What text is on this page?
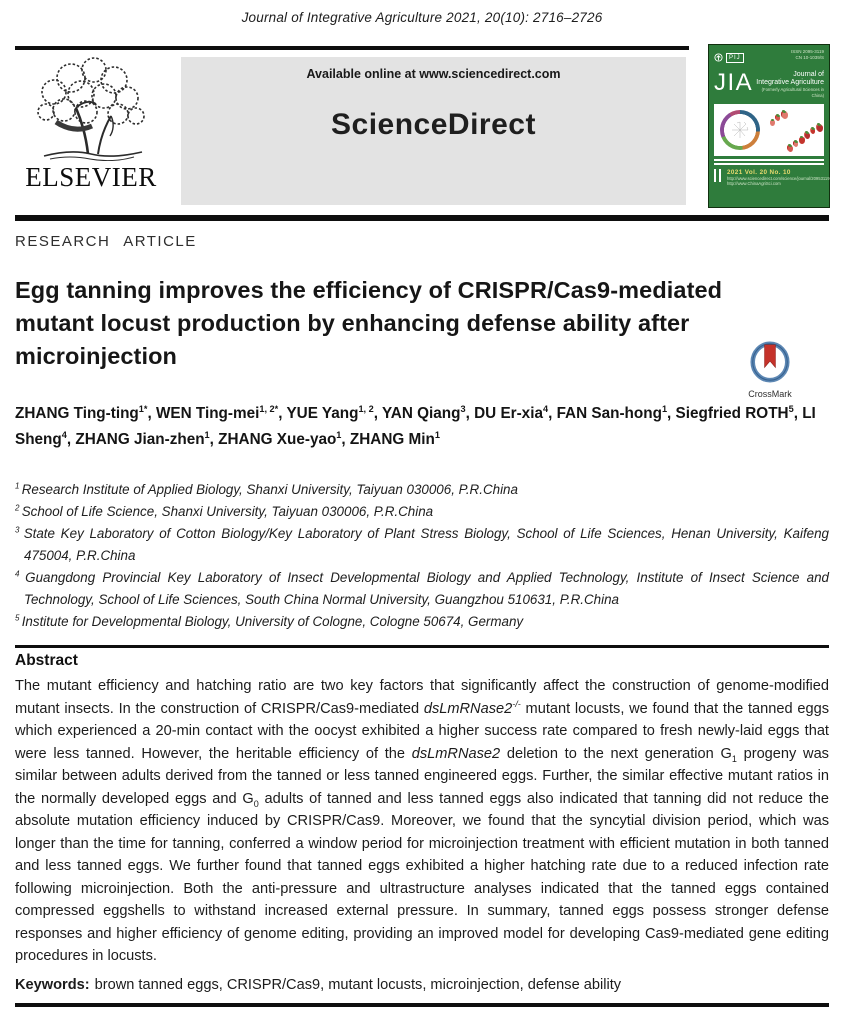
Journal of Integrative Agriculture 2021, 20(10): 2716–2726
ELSEVIER
Available online at www.sciencedirect.com
ScienceDirect
PIJ
ISSN 2095-3119
CN 10-1039/S
JIA	Journal of
Integrative Agriculture
(Formerly Agricultural Sciences in China)
2021 Vol. 20 No. 10
http://www.sciencedirect.com/science/journal/20953119
http://www.ChinaAgriSci.com
RESEARCH ARTICLE
Egg tanning improves the efficiency of CRISPR/Cas9-mediated
mutant locust production by enhancing defense ability after
microinjection
CrossMark
ZHANG Ting-ting$^{1*}$, WEN Ting-mei$^{1, 2*}$, YUE Yang$^{1, 2}$, YAN Qiang$^3$, DU Er-xia$^4$, FAN San-hong$^1$, Siegfried ROTH$^5$, LI Sheng$^4$, ZHANG Jian-zhen$^1$, ZHANG Xue-yao$^1$, ZHANG Min$^1$
$^1$ Research Institute of Applied Biology, Shanxi University, Taiyuan 030006, P.R.China
$^2$ School of Life Science, Shanxi University, Taiyuan 030006, P.R.China
$^3$ State Key Laboratory of Cotton Biology/Key Laboratory of Plant Stress Biology, School of Life Sciences, Henan University, Kaifeng 475004, P.R.China
$^4$ Guangdong Provincial Key Laboratory of Insect Developmental Biology and Applied Technology, Institute of Insect Science and Technology, School of Life Sciences, South China Normal University, Guangzhou 510631, P.R.China
$^5$ Institute for Developmental Biology, University of Cologne, Cologne 50674, Germany
Abstract
The mutant efficiency and hatching ratio are two key factors that significantly affect the construction of genome-modified mutant insects. In the construction of CRISPR/Cas9-mediated dsLmRNase2-/- mutant locusts, we found that the tanned eggs which experienced a 20-min contact with the oocyst exhibited a higher success rate compared to fresh newly-laid eggs that were less tanned. However, the heritable efficiency of the dsLmRNase2 deletion to the next generation $G_1$ progeny was similar between adults derived from the tanned or less tanned engineered eggs. Further, the similar effective mutant ratios in the normally developed eggs and $G_0$ adults of tanned and less tanned eggs also indicated that tanning did not reduce the absolute mutation efficiency induced by CRISPR/Cas9. Moreover, we found that the syncytial division period, which was longer than the time for tanning, conferred a window period for microinjection treatment with efficient mutation in both tanned and less tanned eggs. We further found that tanned eggs exhibited a higher hatching rate due to a reduced infection rate following microinjection. Both the anti-pressure and ultrastructure analyses indicated that the tanned eggs contained compressed eggshells to withstand increased external pressure. In summary, tanned eggs possess stronger defense responses and higher efficiency of genome editing, providing an improved model for developing Cas9-mediated gene editing procedures in locusts.
Keywords: brown tanned eggs, CRISPR/Cas9, mutant locusts, microinjection, defense ability
